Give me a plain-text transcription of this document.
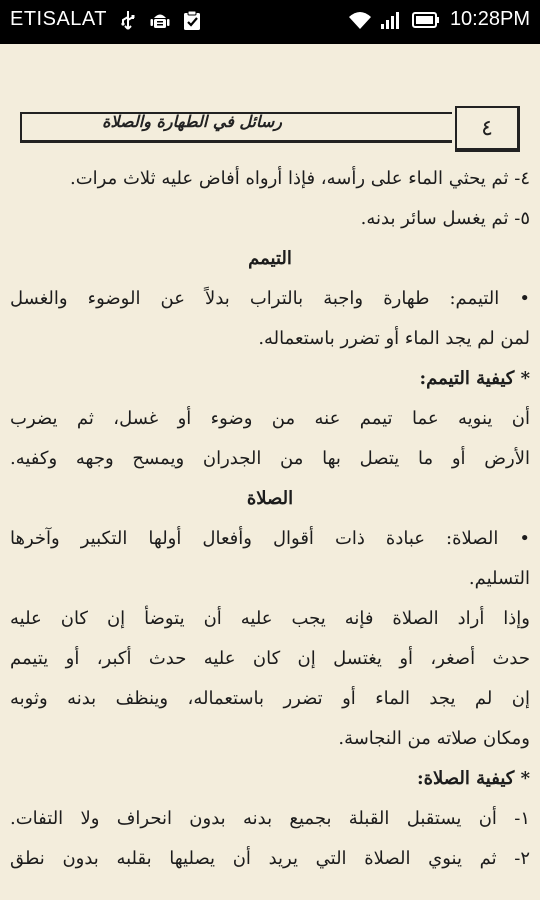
ETISALAT	10:28PM
رسائل في الطهارة والصلاة	٤
٤- ثم يحثي الماء على رأسه، فإذا أرواه أفاض عليه ثلاث مرات.
٥- ثم يغسل سائر بدنه.
التيمم
• التيمم: طهارة واجبة بالتراب بدلاً عن الوضوء والغسل
لمن لم يجد الماء أو تضرر باستعماله.
* كيفية التيمم:
أن ينويه عما تيمم عنه من وضوء أو غسل، ثم يضرب
الأرض أو ما يتصل بها من الجدران ويمسح وجهه وكفيه.
الصلاة
• الصلاة: عبادة ذات أقوال وأفعال أولها التكبير وآخرها
التسليم.
وإذا أراد الصلاة فإنه يجب عليه أن يتوضأ إن كان عليه
حدث أصغر، أو يغتسل إن كان عليه حدث أكبر، أو يتيمم
إن لم يجد الماء أو تضرر باستعماله، وينظف بدنه وثوبه
ومكان صلاته من النجاسة.
* كيفية الصلاة:
١- أن يستقبل القبلة بجميع بدنه بدون انحراف ولا التفات.
٢- ثم ينوي الصلاة التي يريد أن يصليها بقلبه بدون نطق
